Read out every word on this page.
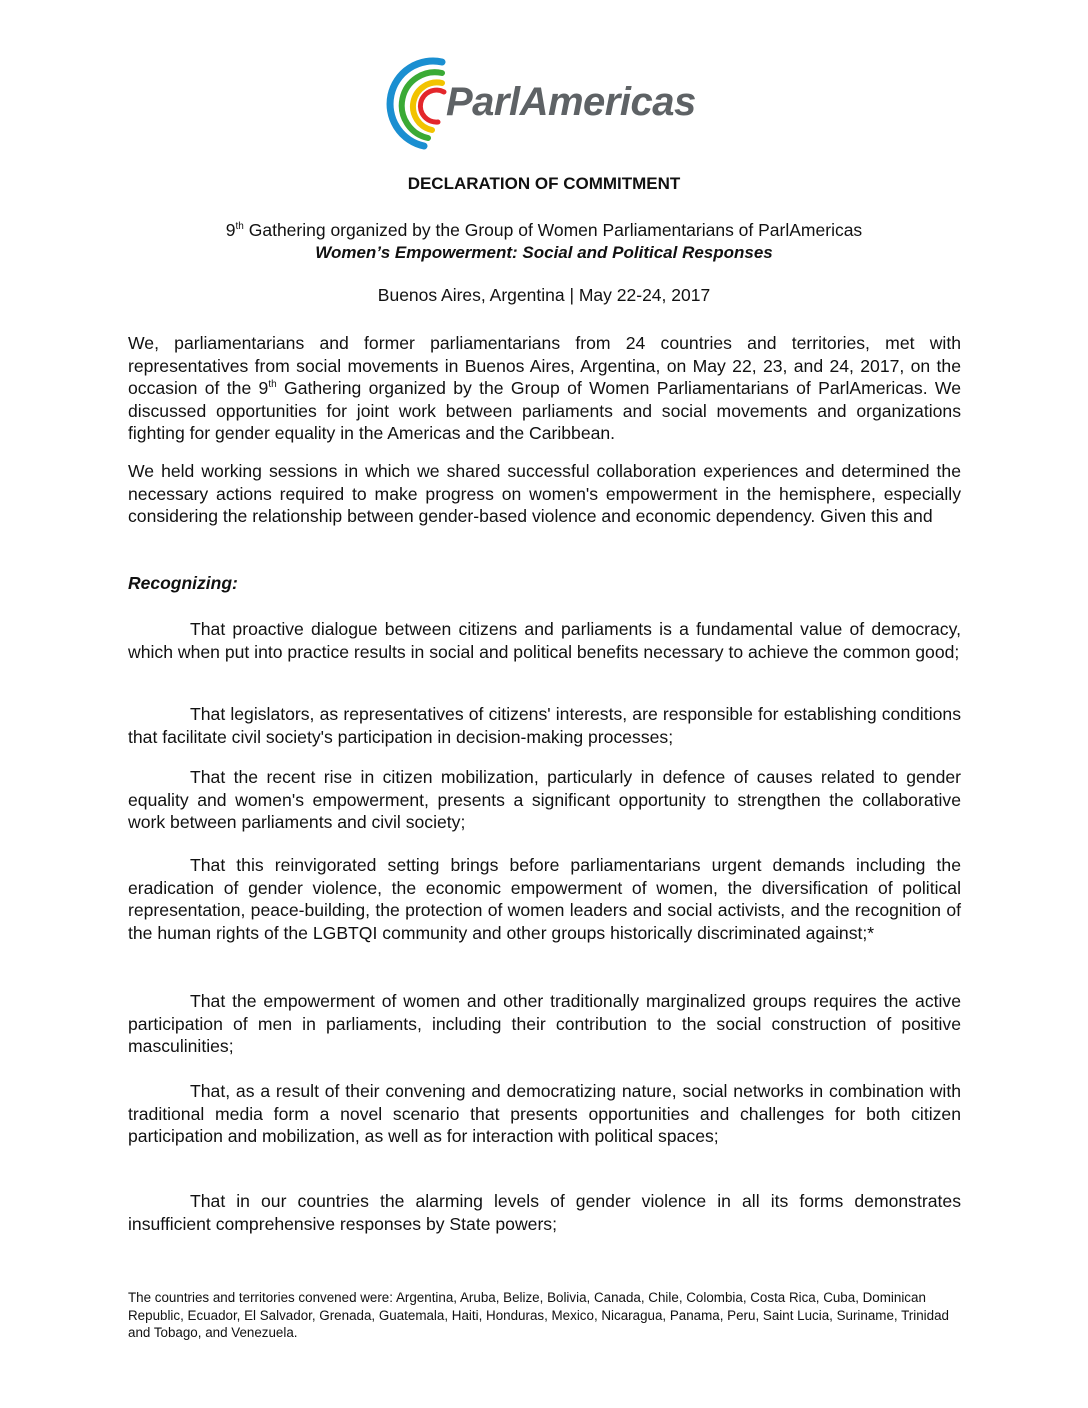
ParlAmericas
DECLARATION OF COMMITMENT
9th Gathering organized by the Group of Women Parliamentarians of ParlAmericas
Women’s Empowerment: Social and Political Responses
Buenos Aires, Argentina | May 22-24, 2017
We, parliamentarians and former parliamentarians from 24 countries and territories, met with representatives from social movements in Buenos Aires, Argentina, on May 22, 23, and 24, 2017, on the occasion of the 9th Gathering organized by the Group of Women Parliamentarians of ParlAmericas. We discussed opportunities for joint work between parliaments and social movements and organizations fighting for gender equality in the Americas and the Caribbean.
We held working sessions in which we shared successful collaboration experiences and determined the necessary actions required to make progress on women's empowerment in the hemisphere, especially considering the relationship between gender-based violence and economic dependency. Given this and
Recognizing:
That proactive dialogue between citizens and parliaments is a fundamental value of democracy, which when put into practice results in social and political benefits necessary to achieve the common good;
That legislators, as representatives of citizens' interests, are responsible for establishing conditions that facilitate civil society's participation in decision-making processes;
That the recent rise in citizen mobilization, particularly in defence of causes related to gender equality and women's empowerment, presents a significant opportunity to strengthen the collaborative work between parliaments and civil society;
That this reinvigorated setting brings before parliamentarians urgent demands including the eradication of gender violence, the economic empowerment of women, the diversification of political representation, peace-building, the protection of women leaders and social activists, and the recognition of the human rights of the LGBTQI community and other groups historically discriminated against;*
That the empowerment of women and other traditionally marginalized groups requires the active participation of men in parliaments, including their contribution to the social construction of positive masculinities;
That, as a result of their convening and democratizing nature, social networks in combination with traditional media form a novel scenario that presents opportunities and challenges for both citizen participation and mobilization, as well as for interaction with political spaces;
That in our countries the alarming levels of gender violence in all its forms demonstrates insufficient comprehensive responses by State powers;
The countries and territories convened were: Argentina, Aruba, Belize, Bolivia, Canada, Chile, Colombia, Costa Rica, Cuba, Dominican Republic, Ecuador, El Salvador, Grenada, Guatemala, Haiti, Honduras, Mexico, Nicaragua, Panama, Peru, Saint Lucia, Suriname, Trinidad and Tobago, and Venezuela.
